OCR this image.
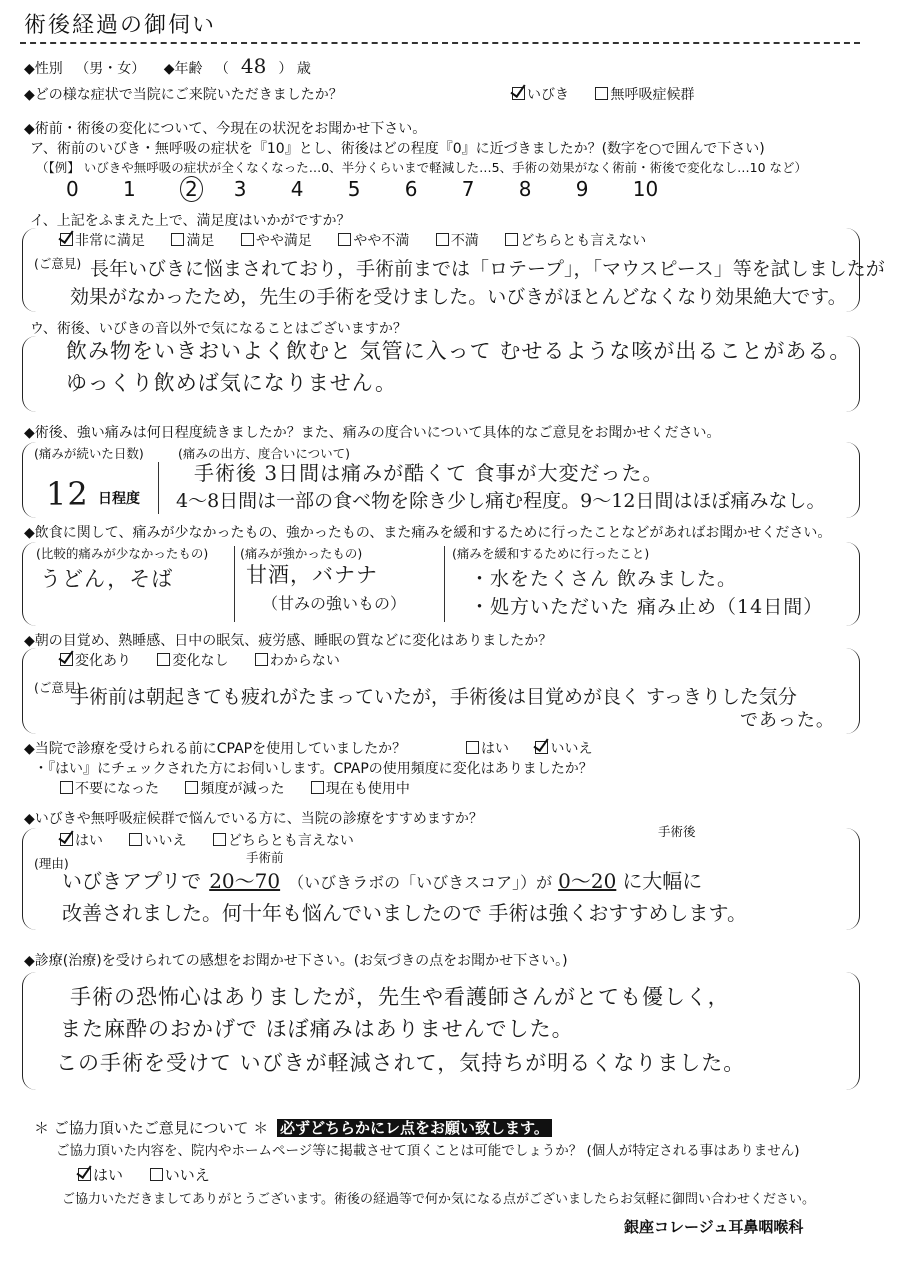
術後経過の御伺い
◆性別 （男・女） ◆年齢 （ 48 ） 歳
◆どの様な症状で当院にご来院いただきましたか？	いびき	無呼吸症候群
◆術前・術後の変化について、今現在の状況をお聞かせ下さい。
ア、術前のいびき・無呼吸の症状を『10』とし、術後はどの程度『0』に近づきましたか？(数字を○で囲んで下さい)
（【例】 いびきや無呼吸の症状が全くなくなった…0、半分くらいまで軽減した…5、手術の効果がなく術前・術後で変化なし…10 など）
0 1 2 3 4 5 6 7 8 9 10
イ、上記をふまえた上で、満足度はいかがですか？
非常に満足	満足	やや満足	やや不満	不満	どちらとも言えない
(ご意見) 長年いびきに悩まされており，手術前までは「ロテープ」，「マウスピース」等を試しましたが
効果がなかったため，先生の手術を受けました。いびきがほとんどなくなり効果絶大です。
ウ、術後、いびきの音以外で気になることはございますか？
飲み物をいきおいよく飲むと 気管に入って むせるような咳が出ることがある。
ゆっくり飲めば気になりません。
◆術後、強い痛みは何日程度続きましたか？また、痛みの度合いについて具体的なご意見をお聞かせください。
(痛みが続いた日数)
12 日程度
(痛みの出方、度合いについて)
手術後 3日間は痛みが酷くて 食事が大変だった。
4〜8日間は一部の食べ物を除き少し痛む程度。9〜12日間はほぼ痛みなし。
◆飲食に関して、痛みが少なかったもの、強かったもの、また痛みを緩和するために行ったことなどがあればお聞かせください。
(比較的痛みが少なかったもの)
うどん，そば
(痛みが強かったもの)
甘酒，バナナ
（甘みの強いもの）
(痛みを緩和するために行ったこと)
・水をたくさん 飲みました。
・処方いただいた 痛み止め（14日間）
◆朝の目覚め、熟睡感、日中の眠気、疲労感、睡眠の質などに変化はありましたか？
変化あり	変化なし	わからない
(ご意見)
手術前は朝起きても疲れがたまっていたが，手術後は目覚めが良く すっきりした気分
であった。
◆当院で診療を受けられる前にCPAPを使用していましたか？	はい	いいえ
・『はい』にチェックされた方にお伺いします。CPAPの使用頻度に変化はありましたか？
不要になった	頻度が減った	現在も使用中
◆いびきや無呼吸症候群で悩んでいる方に、当院の診療をすすめますか？
はい	いいえ	どちらとも言えない
(理由)	手術前
手術後
いびきアプリで 20〜70 （いびきラボの「いびきスコア」）が 0〜20 に大幅に
改善されました。何十年も悩んでいましたので 手術は強くおすすめします。
◆診療(治療)を受けられての感想をお聞かせ下さい。(お気づきの点をお聞かせ下さい。)
手術の恐怖心はありましたが，先生や看護師さんがとても優しく，
また麻酔のおかげで ほぼ痛みはありませんでした。
この手術を受けて いびきが軽減されて，気持ちが明るくなりました。
＊ ご協力頂いたご意見について ＊ 必ずどちらかにレ点をお願い致します。
ご協力頂いた内容を、院内やホームページ等に掲載させて頂くことは可能でしょうか？ (個人が特定される事はありません)
はい	いいえ
ご協力いただきましてありがとうございます。術後の経過等で何か気になる点がございましたらお気軽に御問い合わせください。
銀座コレージュ耳鼻咽喉科
